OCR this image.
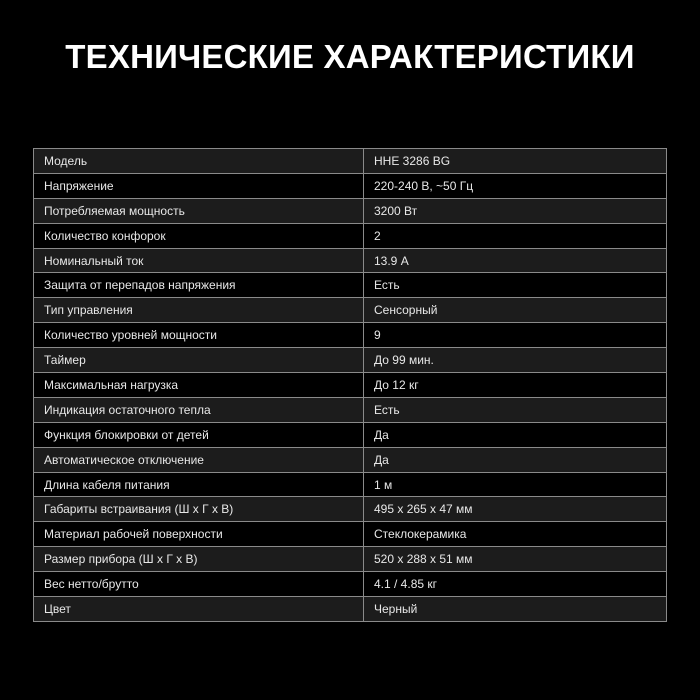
ТЕХНИЧЕСКИЕ ХАРАКТЕРИСТИКИ
Модель	HHE 3286 BG
Напряжение	220-240 В, ~50 Гц
Потребляемая мощность	3200 Вт
Количество конфорок	2
Номинальный ток	13.9 А
Защита от перепадов напряжения	Есть
Тип управления	Сенсорный
Количество уровней мощности	9
Таймер	До 99 мин.
Максимальная нагрузка	До 12 кг
Индикация остаточного тепла	Есть
Функция блокировки от детей	Да
Автоматическое отключение	Да
Длина кабеля питания	1 м
Габариты встраивания (Ш х Г х В)	495 x 265 x 47 мм
Материал рабочей поверхности	Стеклокерамика
Размер прибора (Ш х Г х В)	520 x 288 x 51 мм
Вес нетто/брутто	4.1 / 4.85 кг
Цвет	Черный
